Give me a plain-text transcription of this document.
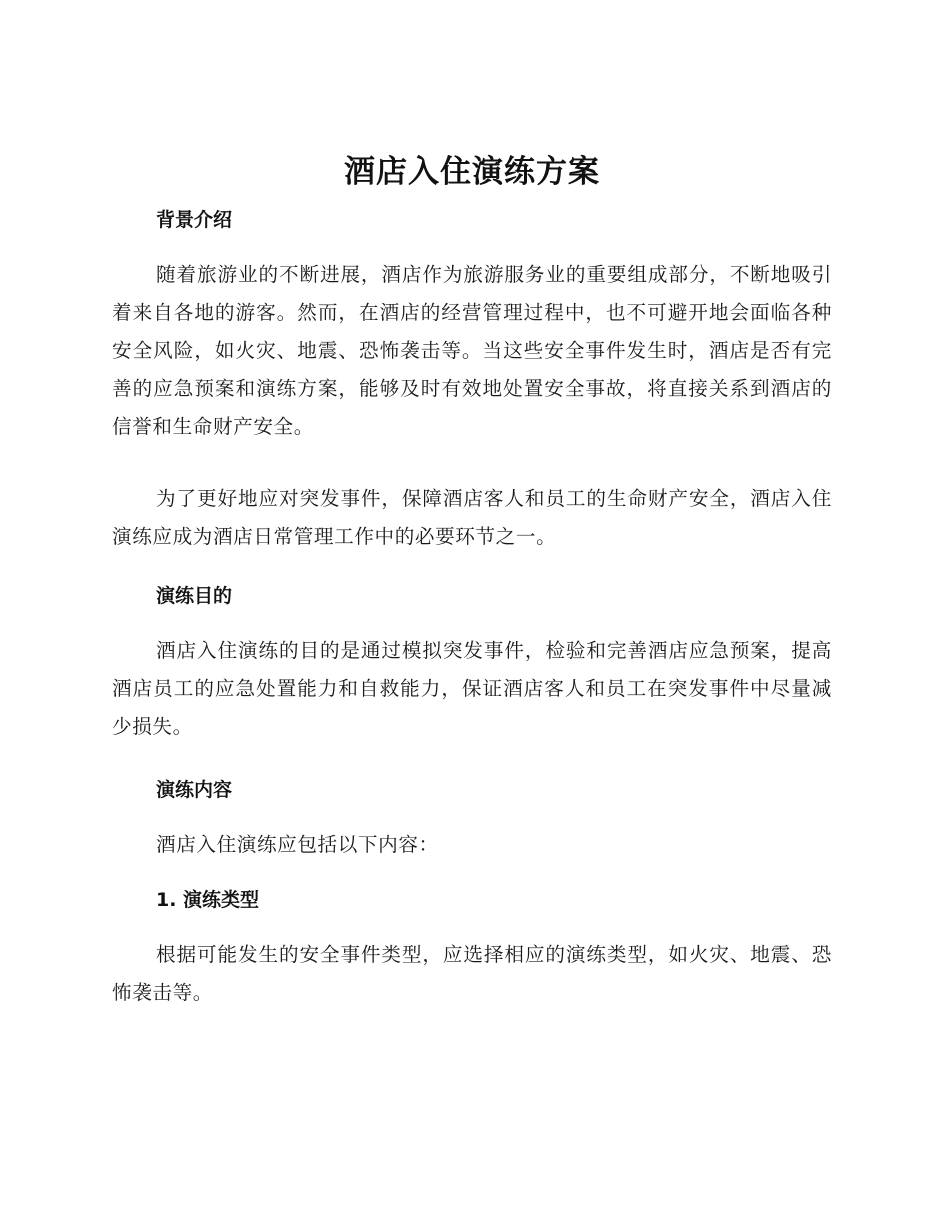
酒店入住演练方案
背景介绍
随着旅游业的不断进展，酒店作为旅游服务业的重要组成部分，不断地吸引着来自各地的游客。然而，在酒店的经营管理过程中，也不可避开地会面临各种安全风险，如火灾、地震、恐怖袭击等。当这些安全事件发生时，酒店是否有完善的应急预案和演练方案，能够及时有效地处置安全事故，将直接关系到酒店的信誉和生命财产安全。
为了更好地应对突发事件，保障酒店客人和员工的生命财产安全，酒店入住演练应成为酒店日常管理工作中的必要环节之一。
演练目的
酒店入住演练的目的是通过模拟突发事件，检验和完善酒店应急预案，提高酒店员工的应急处置能力和自救能力，保证酒店客人和员工在突发事件中尽量减少损失。
演练内容
酒店入住演练应包括以下内容：
1. 演练类型
根据可能发生的安全事件类型，应选择相应的演练类型，如火灾、地震、恐怖袭击等。
